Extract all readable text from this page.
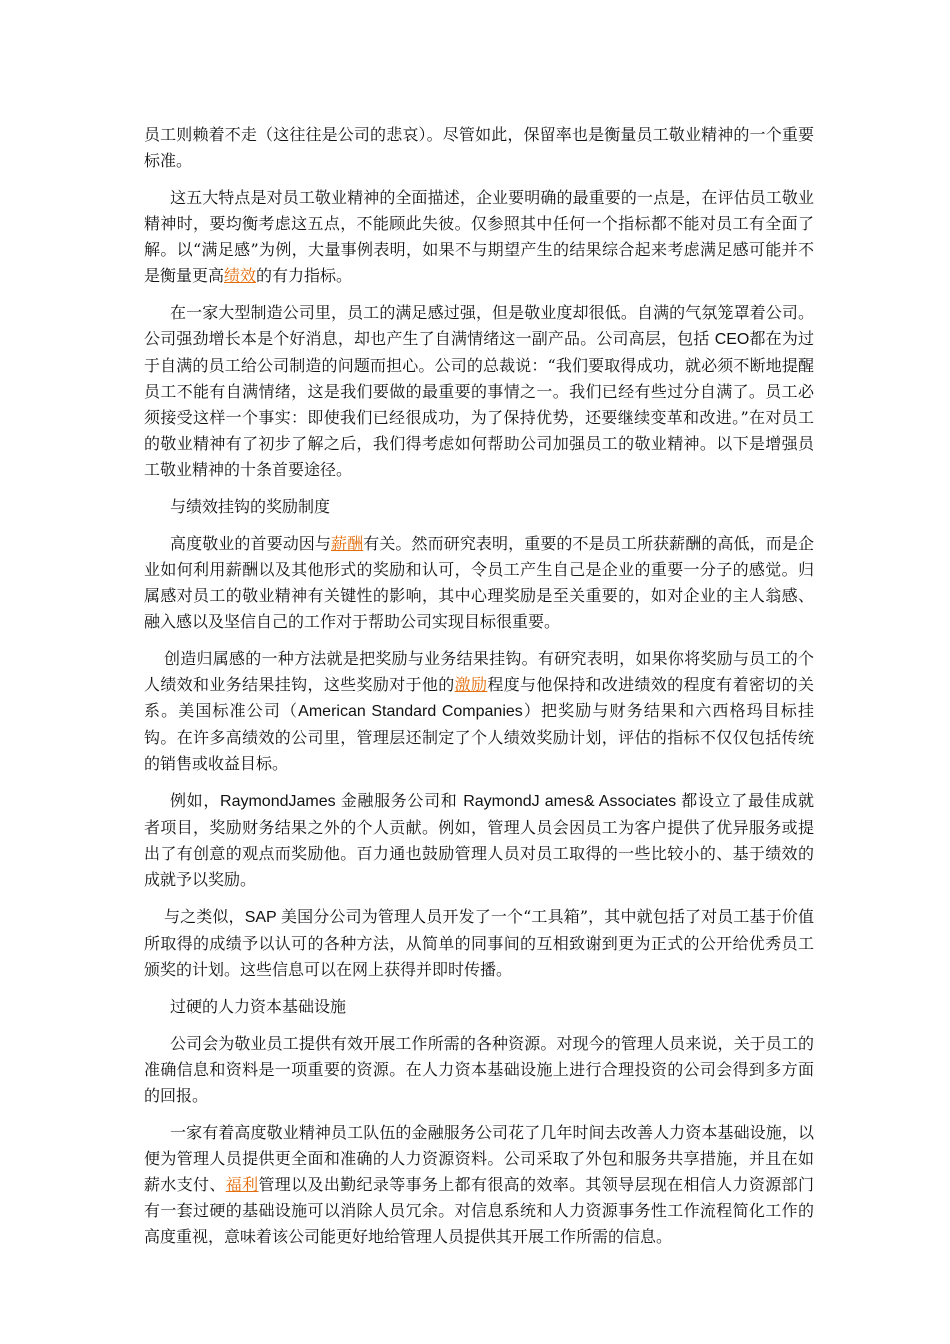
员工则赖着不走（这往往是公司的悲哀）。尽管如此，保留率也是衡量员工敬业精神的一个重要标准。

这五大特点是对员工敬业精神的全面描述，企业要明确的最重要的一点是，在评估员工敬业精神时，要均衡考虑这五点，不能顾此失彼。仅参照其中任何一个指标都不能对员工有全面了解。以“满足感”为例，大量事例表明，如果不与期望产生的结果综合起来考虑满足感可能并不是衡量更高绩效的有力指标。

在一家大型制造公司里，员工的满足感过强，但是敬业度却很低。自满的气氛笼罩着公司。公司强劲增长本是个好消息，却也产生了自满情绪这一副产品。公司高层，包括 CEO都在为过于自满的员工给公司制造的问题而担心。公司的总裁说：“我们要取得成功，就必须不断地提醒员工不能有自满情绪，这是我们要做的最重要的事情之一。我们已经有些过分自满了。员工必须接受这样一个事实：即使我们已经很成功，为了保持优势，还要继续变革和改进。”在对员工的敬业精神有了初步了解之后，我们得考虑如何帮助公司加强员工的敬业精神。以下是增强员工敬业精神的十条首要途径。

与绩效挂钩的奖励制度

高度敬业的首要动因与薪酬有关。然而研究表明，重要的不是员工所获薪酬的高低，而是企业如何利用薪酬以及其他形式的奖励和认可，令员工产生自己是企业的重要一分子的感觉。归属感对员工的敬业精神有关键性的影响，其中心理奖励是至关重要的，如对企业的主人翁感、融入感以及坚信自己的工作对于帮助公司实现目标很重要。

创造归属感的一种方法就是把奖励与业务结果挂钩。有研究表明，如果你将奖励与员工的个人绩效和业务结果挂钩，这些奖励对于他的激励程度与他保持和改进绩效的程度有着密切的关系。美国标准公司（American Standard Companies）把奖励与财务结果和六西格玛目标挂钩。在许多高绩效的公司里，管理层还制定了个人绩效奖励计划，评估的指标不仅仅包括传统的销售或收益目标。

例如，RaymondJames 金融服务公司和 RaymondJ ames& Associates 都设立了最佳成就者项目，奖励财务结果之外的个人贡献。例如，管理人员会因员工为客户提供了优异服务或提出了有创意的观点而奖励他。百力通也鼓励管理人员对员工取得的一些比较小的、基于绩效的成就予以奖励。

与之类似，SAP 美国分公司为管理人员开发了一个“工具箱”，其中就包括了对员工基于价值所取得的成绩予以认可的各种方法，从简单的同事间的互相致谢到更为正式的公开给优秀员工颁奖的计划。这些信息可以在网上获得并即时传播。

过硬的人力资本基础设施

公司会为敬业员工提供有效开展工作所需的各种资源。对现今的管理人员来说，关于员工的准确信息和资料是一项重要的资源。在人力资本基础设施上进行合理投资的公司会得到多方面的回报。

一家有着高度敬业精神员工队伍的金融服务公司花了几年时间去改善人力资本基础设施，以便为管理人员提供更全面和准确的人力资源资料。公司采取了外包和服务共享措施，并且在如薪水支付、福利管理以及出勤纪录等事务上都有很高的效率。其领导层现在相信人力资源部门有一套过硬的基础设施可以消除人员冗余。对信息系统和人力资源事务性工作流程简化工作的高度重视，意味着该公司能更好地给管理人员提供其开展工作所需的信息。
